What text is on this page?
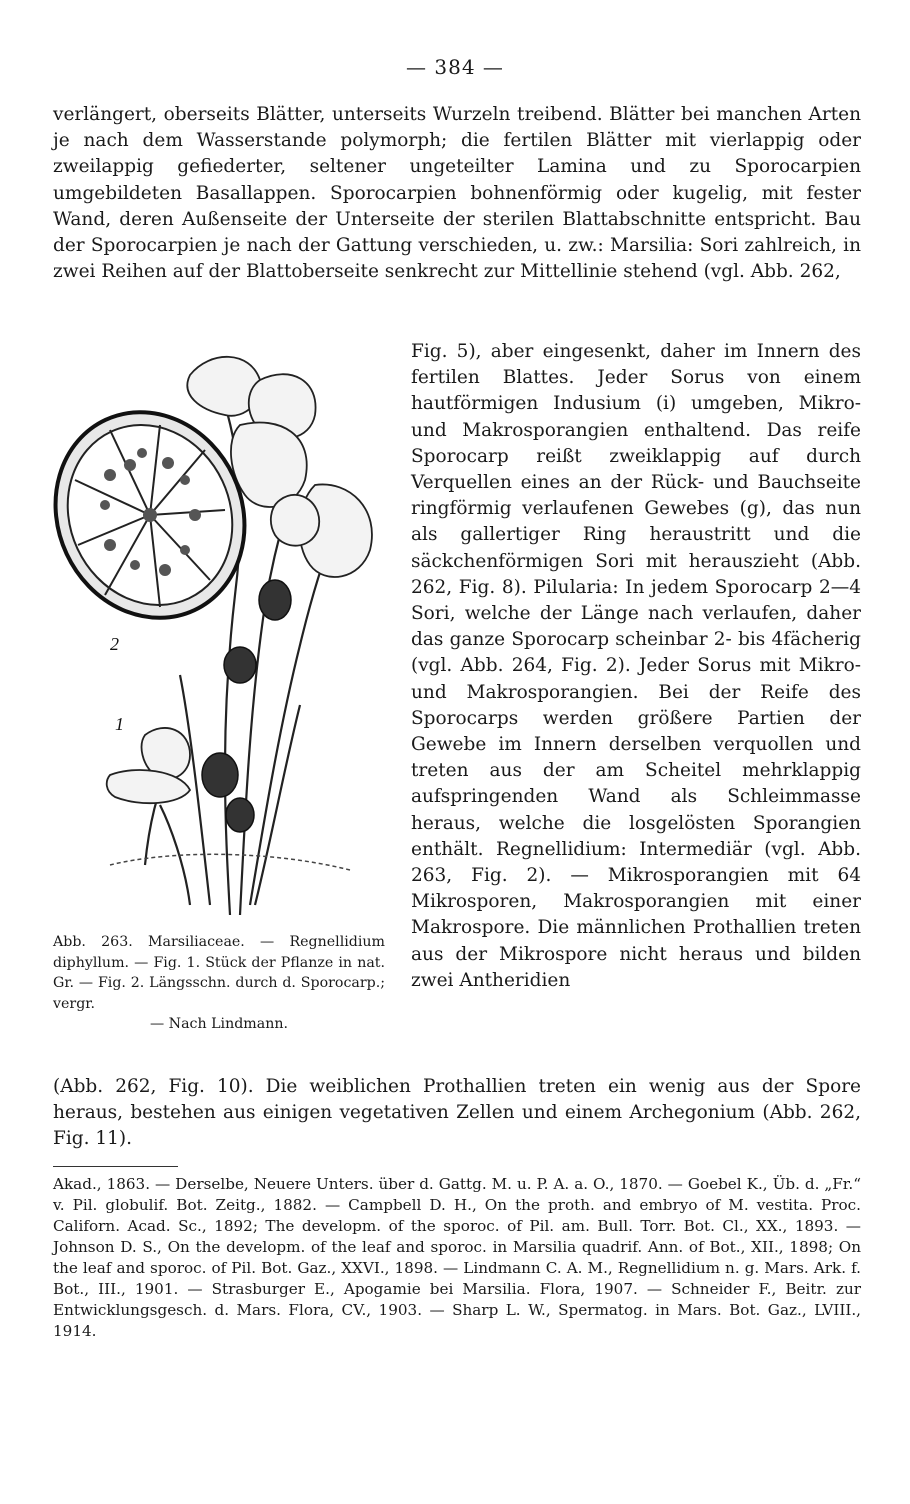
— 384 —

verlängert, oberseits Blätter, unterseits Wurzeln treibend. Blätter bei manchen Arten je nach dem Wasserstande polymorph; die fertilen Blätter mit vierlappig oder zweilappig gefiederter, seltener ungeteilter Lamina und zu Sporocarpien umgebildeten Basallappen. Sporocarpien bohnenförmig oder kugelig, mit fester Wand, deren Außenseite der Unterseite der sterilen Blattabschnitte entspricht. Bau der Sporocarpien je nach der Gattung verschieden, u. zw.: Marsilia: Sori zahlreich, in zwei Reihen auf der Blattoberseite senkrecht zur Mittellinie stehend (vgl. Abb. 262,

2
1

Abb. 263. Marsiliaceae. — Regnellidium diphyllum. — Fig. 1. Stück der Pflanze in nat. Gr. — Fig. 2. Längsschn. durch d. Sporocarp.; vergr.
— Nach Lindmann.

Fig. 5), aber eingesenkt, daher im Innern des fertilen Blattes. Jeder Sorus von einem hautförmigen Indusium (i) umgeben, Mikro- und Makrosporangien enthaltend. Das reife Sporocarp reißt zweiklappig auf durch Verquellen eines an der Rück- und Bauchseite ringförmig verlaufenen Gewebes (g), das nun als gallertiger Ring heraustritt und die säckchenförmigen Sori mit herauszieht (Abb. 262, Fig. 8). Pilularia: In jedem Sporocarp 2—4 Sori, welche der Länge nach verlaufen, daher das ganze Sporocarp scheinbar 2- bis 4fächerig (vgl. Abb. 264, Fig. 2). Jeder Sorus mit Mikro- und Makrosporangien. Bei der Reife des Sporocarps werden größere Partien der Gewebe im Innern derselben verquollen und treten aus der am Scheitel mehrklappig aufspringenden Wand als Schleimmasse heraus, welche die losgelösten Sporangien enthält. Regnellidium: Intermediär (vgl. Abb. 263, Fig. 2). — Mikrosporangien mit 64 Mikrosporen, Makrosporangien mit einer Makrospore. Die männlichen Prothallien treten aus der Mikrospore nicht heraus und bilden zwei Antheridien

(Abb. 262, Fig. 10). Die weiblichen Prothallien treten ein wenig aus der Spore heraus, bestehen aus einigen vegetativen Zellen und einem Archegonium (Abb. 262, Fig. 11).

Akad., 1863. — Derselbe, Neuere Unters. über d. Gattg. M. u. P. A. a. O., 1870. — Goebel K., Üb. d. „Fr.“ v. Pil. globulif. Bot. Zeitg., 1882. — Campbell D. H., On the proth. and embryo of M. vestita. Proc. Californ. Acad. Sc., 1892; The developm. of the sporoc. of Pil. am. Bull. Torr. Bot. Cl., XX., 1893. — Johnson D. S., On the developm. of the leaf and sporoc. in Marsilia quadrif. Ann. of Bot., XII., 1898; On the leaf and sporoc. of Pil. Bot. Gaz., XXVI., 1898. — Lindmann C. A. M., Regnellidium n. g. Mars. Ark. f. Bot., III., 1901. — Strasburger E., Apogamie bei Marsilia. Flora, 1907. — Schneider F., Beitr. zur Entwicklungsgesch. d. Mars. Flora, CV., 1903. — Sharp L. W., Spermatog. in Mars. Bot. Gaz., LVIII., 1914.
